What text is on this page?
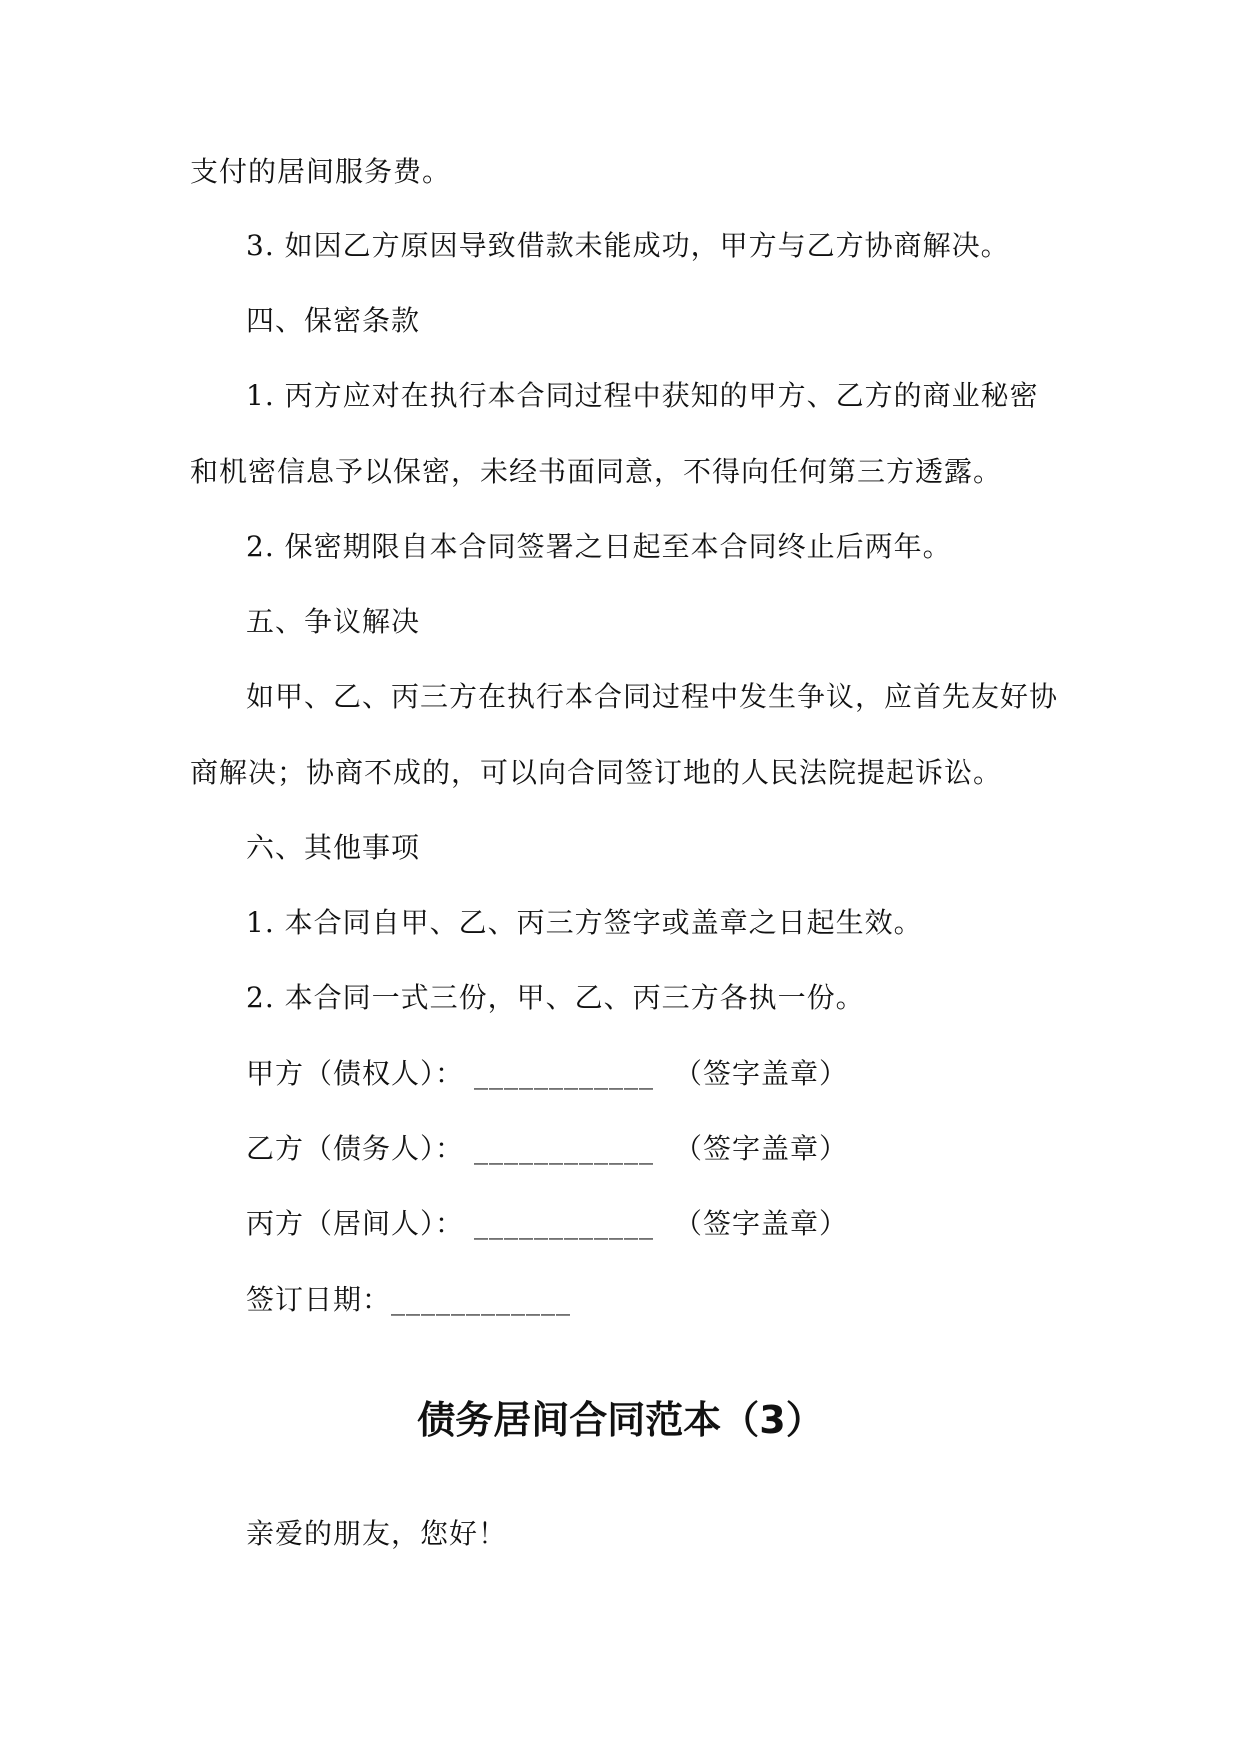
支付的居间服务费。
3. 如因乙方原因导致借款未能成功，甲方与乙方协商解决。
四、保密条款
1. 丙方应对在执行本合同过程中获知的甲方、乙方的商业秘密
和机密信息予以保密，未经书面同意，不得向任何第三方透露。
2. 保密期限自本合同签署之日起至本合同终止后两年。
五、争议解决
如甲、乙、丙三方在执行本合同过程中发生争议，应首先友好协
商解决；协商不成的，可以向合同签订地的人民法院提起诉讼。
六、其他事项
1. 本合同自甲、乙、丙三方签字或盖章之日起生效。
2. 本合同一式三份，甲、乙、丙三方各执一份。
甲方（债权人）： ____________ （签字盖章）
乙方（债务人）： ____________ （签字盖章）
丙方（居间人）： ____________ （签字盖章）
签订日期：____________
债务居间合同范本（3）
亲爱的朋友，您好！
